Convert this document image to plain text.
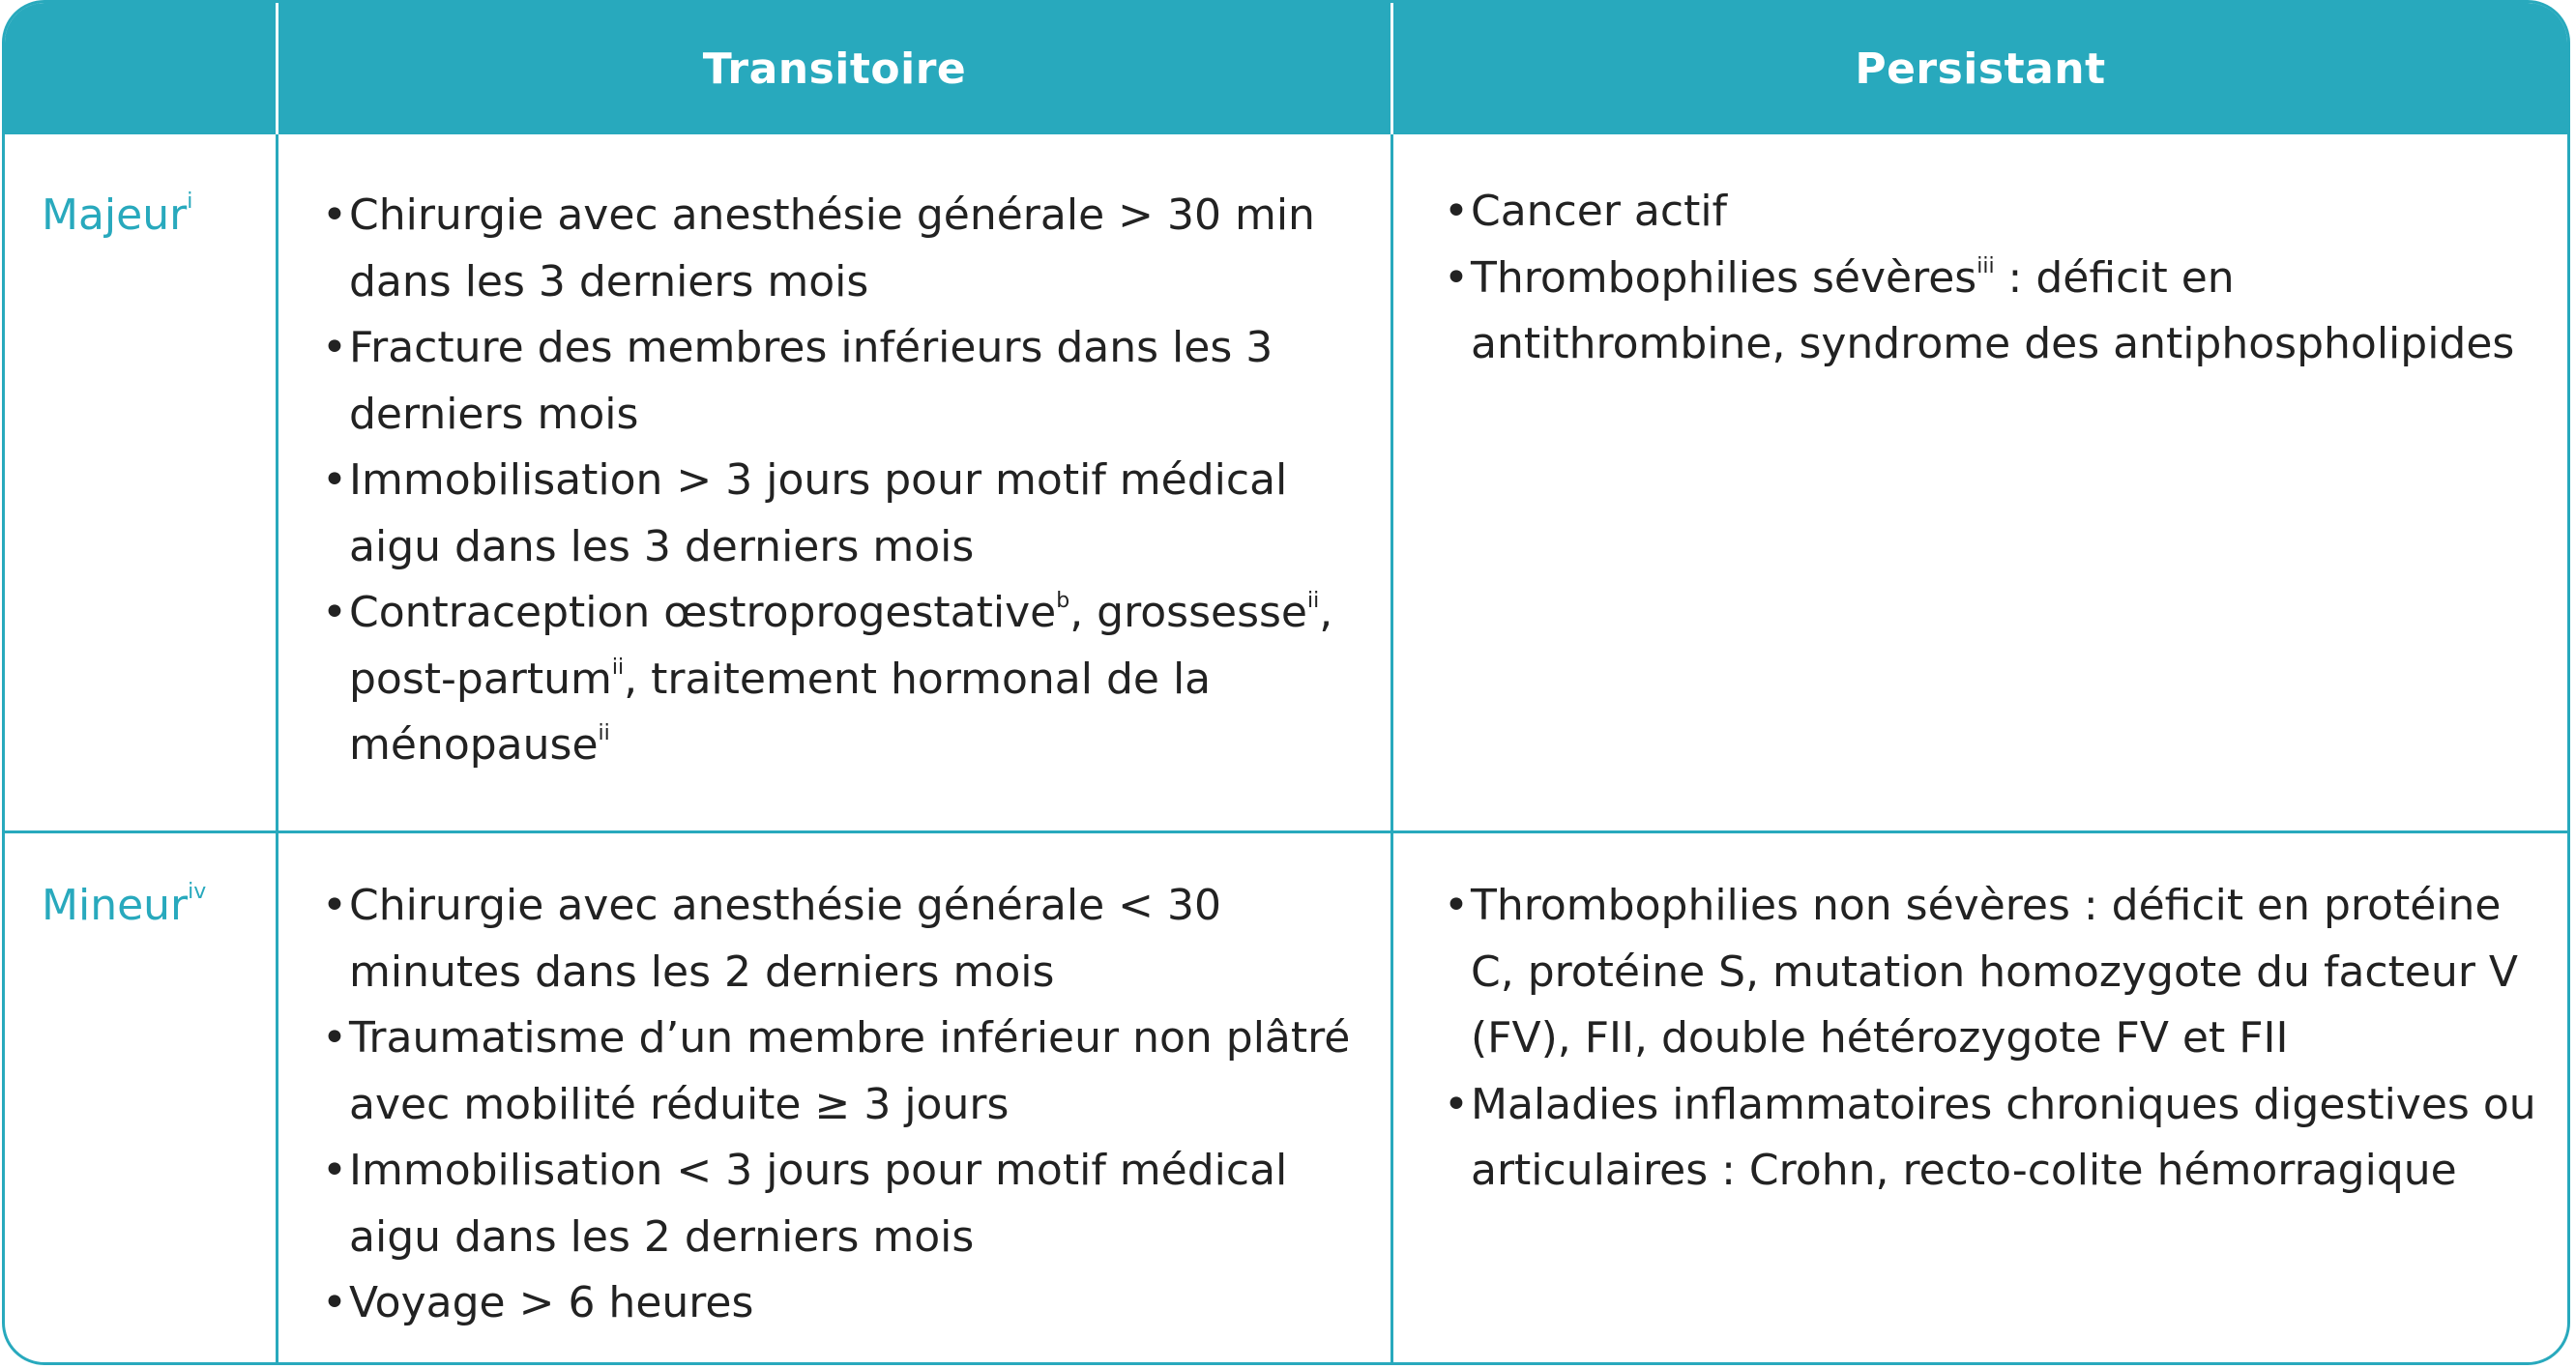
Transitoire	Persistant
Majeur$^i$
Mineur$^{iv}$
• Chirurgie avec anesthésie générale > 30 min dans les 3 derniers mois
• Fracture des membres inférieurs dans les 3 derniers mois
• Immobilisation > 3 jours pour motif médical aigu dans les 3 derniers mois
• Contraception œstroprogestative$^b$, grossesse$^{ii}$, post-partum$^{ii}$, traitement hormonal de la ménopause$^{ii}$
• Cancer actif
• Thrombophilies sévères$^{iii}$ : déficit en antithrombine, syndrome des antiphospholipides
• Chirurgie avec anesthésie générale < 30 minutes dans les 2 derniers mois
• Traumatisme d’un membre inférieur non plâtré avec mobilité réduite ≥ 3 jours
• Immobilisation < 3 jours pour motif médical aigu dans les 2 derniers mois
• Voyage > 6 heures
• Thrombophilies non sévères : déficit en protéine C, protéine S, mutation homozygote du facteur V (FV), FII, double hétérozygote FV et FII
• Maladies inflammatoires chroniques digestives ou articulaires : Crohn, recto-colite hémorragique
